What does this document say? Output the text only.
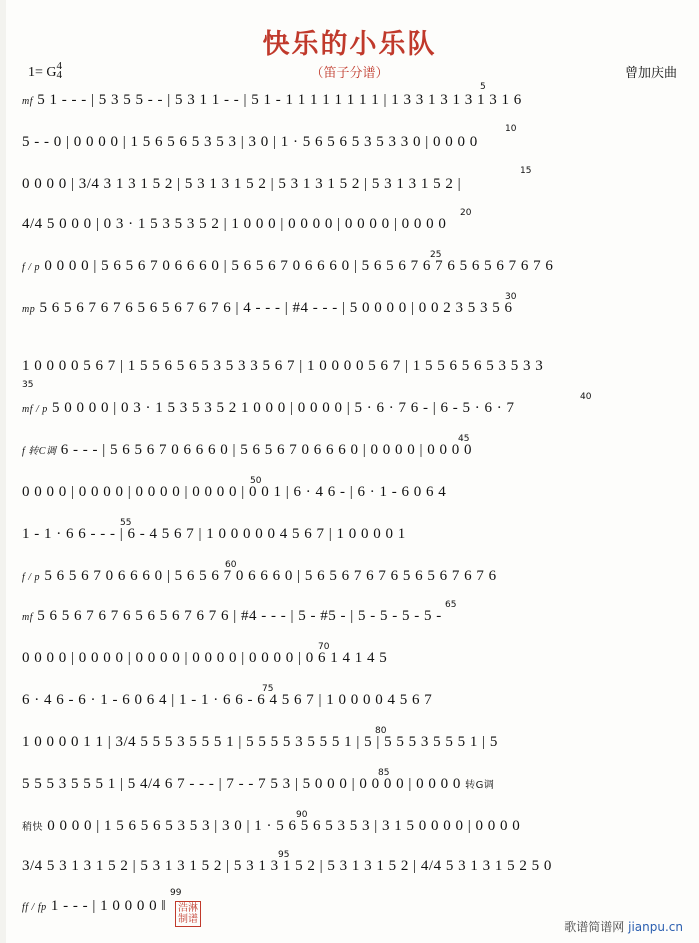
快乐的小乐队
（笛子分谱）
1= G4
4	曾加庆曲
mf 5 1 - - - | 5 3 5 5 - - | 5 3 1 1 - - | 5 1 - 1 1 1 1 1 1 1 1 | 1 3 3 1 3 1 3 1 3 1 6
5 - - 0 | 0 0 0 0 | 1 5 6 5 6 5 3 5 3 | 3 0 | 1 · 5 6 5 6 5 3 5 3 3 0 | 0 0 0 0
0 0 0 0 | 3/4 3 1 3 1 5 2 | 5 3 1 3 1 5 2 | 5 3 1 3 1 5 2 | 5 3 1 3 1 5 2 |
4/4 5 0 0 0 | 0 3 · 1 5 3 5 3 5 2 | 1 0 0 0 | 0 0 0 0 | 0 0 0 0 | 0 0 0 0
f / p 0 0 0 0 | 5 6 5 6 7 0 6 6 6 0 | 5 6 5 6 7 0 6 6 6 0 | 5 6 5 6 7 6 7 6 5 6 5 6 7 6 7 6
mp 5 6 5 6 7 6 7 6 5 6 5 6 7 6 7 6 | 4 - - - | #4 - - - | 5 0 0 0 0 | 0 0 2 3 5 3 5 6
1 0 0 0 0 5 6 7 | 1 5 5 6 5 6 5 3 5 3 3 5 6 7 | 1 0 0 0 0 5 6 7 | 1 5 5 6 5 6 5 3 5 3 3
mf / p 5 0 0 0 0 | 0 3 · 1 5 3 5 3 5 2 1 0 0 0 | 0 0 0 0 | 5 · 6 · 7 6 - | 6 - 5 · 6 · 7
f 转C调 6 - - - | 5 6 5 6 7 0 6 6 6 0 | 5 6 5 6 7 0 6 6 6 0 | 0 0 0 0 | 0 0 0 0
0 0 0 0 | 0 0 0 0 | 0 0 0 0 | 0 0 0 0 | 0 0 1 | 6 · 4 6 - | 6 · 1 - 6 0 6 4
1 - 1 · 6 6 - - - | 6 - 4 5 6 7 | 1 0 0 0 0 0 4 5 6 7 | 1 0 0 0 0 1
f / p 5 6 5 6 7 0 6 6 6 0 | 5 6 5 6 7 0 6 6 6 0 | 5 6 5 6 7 6 7 6 5 6 5 6 7 6 7 6
mf 5 6 5 6 7 6 7 6 5 6 5 6 7 6 7 6 | #4 - - - | 5 - #5 - | 5 - 5 - 5 - 5 -
0 0 0 0 | 0 0 0 0 | 0 0 0 0 | 0 0 0 0 | 0 0 0 0 | 0 6 1 4 1 4 5
6 · 4 6 - 6 · 1 - 6 0 6 4 | 1 - 1 · 6 6 - 6 4 5 6 7 | 1 0 0 0 0 4 5 6 7
1 0 0 0 0 1 1 | 3/4 5 5 5 3 5 5 5 1 | 5 5 5 5 3 5 5 5 1 | 5 | 5 5 5 3 5 5 5 1 | 5
5 5 5 3 5 5 5 1 | 5 4/4 6 7 - - - | 7 - - 7 5 3 | 5 0 0 0 | 0 0 0 0 | 0 0 0 0 转G调
稍快 0 0 0 0 | 1 5 6 5 6 5 3 5 3 | 3 0 | 1 · 5 6 5 6 5 3 5 3 | 3 1 5 0 0 0 0 | 0 0 0 0
3/4 5 3 1 3 1 5 2 | 5 3 1 3 1 5 2 | 5 3 1 3 1 5 2 | 5 3 1 3 1 5 2 | 4/4 5 3 1 3 1 5 2 5 0
ff / fp 1 - - - | 1 0 0 0 0 ‖
5
10
15
20
25
30
35
40
45
50
55
60
65
70
75
80
85
90
95
99
浩淋
制谱
歌谱简谱网 jianpu.cn
